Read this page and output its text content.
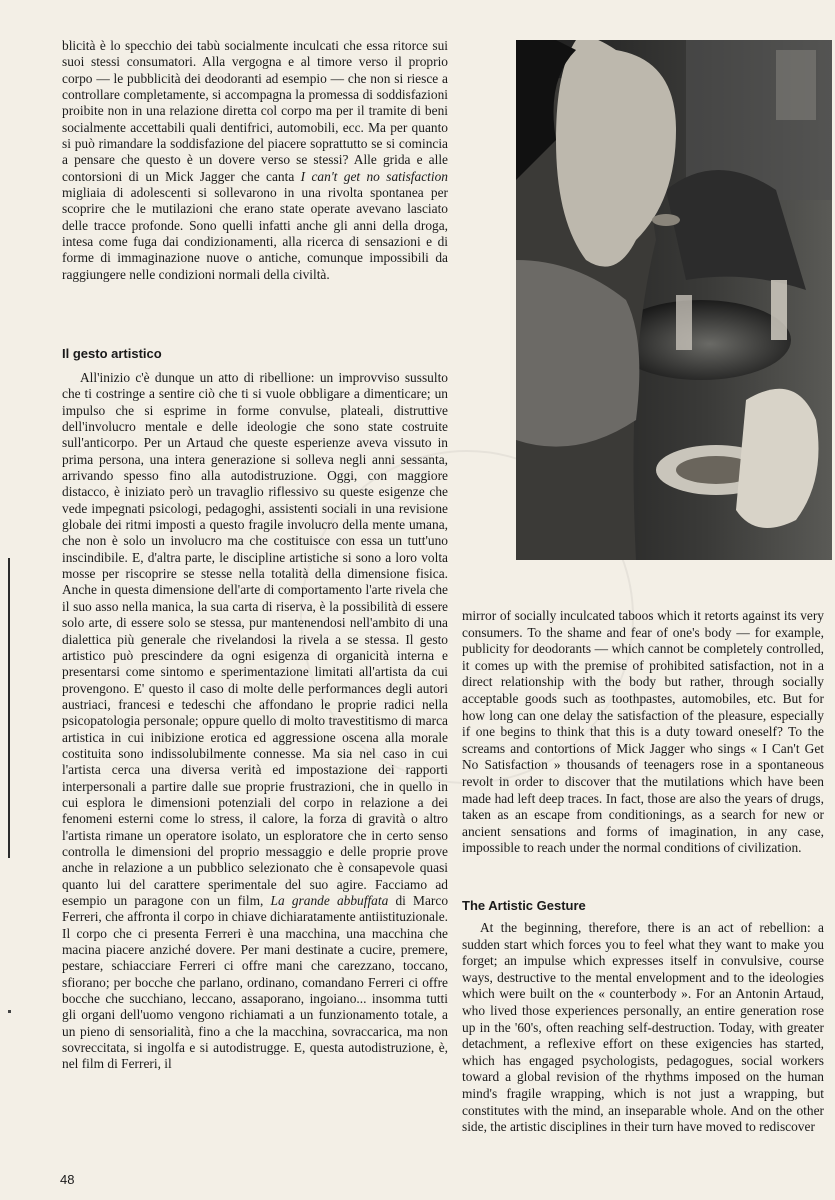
blicità è lo specchio dei tabù socialmente inculcati che essa ritorce sui suoi stessi consumatori. Alla vergogna e al timore verso il proprio corpo — le pubblicità dei deodoranti ad esempio — che non si riesce a controllare completamente, si accompagna la promessa di soddisfazioni proibite non in una relazione diretta col corpo ma per il tramite di beni socialmente accettabili quali dentifrici, automobili, ecc. Ma per quanto si può rimandare la soddisfazione del piacere soprattutto se si comincia a pensare che questo è un dovere verso se stessi? Alle grida e alle contorsioni di un Mick Jagger che canta I can't get no satisfaction migliaia di adolescenti si sollevarono in una rivolta spontanea per scoprire che le mutilazioni che erano state operate avevano lasciato delle tracce profonde. Sono quelli infatti anche gli anni della droga, intesa come fuga dai condizionamenti, alla ricerca di sensazioni e di forme di immaginazione nuove o antiche, comunque impossibili da raggiungere nelle condizioni normali della civiltà.

Il gesto artistico

All'inizio c'è dunque un atto di ribellione: un improvviso sussulto che ti costringe a sentire ciò che ti si vuole obbligare a dimenticare; un impulso che si esprime in forme convulse, plateali, distruttive dell'involucro mentale e delle ideologie che sono state costruite sull'anticorpo. Per un Artaud che queste esperienze aveva vissuto in prima persona, una intera generazione si solleva negli anni sessanta, arrivando spesso fino alla autodistruzione. Oggi, con maggiore distacco, è iniziato però un travaglio riflessivo su queste esigenze che vede impegnati psicologi, pedagoghi, assistenti sociali in una revisione globale dei ritmi imposti a questo fragile involucro della mente umana, che non è solo un involucro ma che costituisce con essa un tutt'uno inscindibile. E, d'altra parte, le discipline artistiche si sono a loro volta mosse per riscoprire se stesse nella totalità della dimensione fisica. Anche in questa dimensione dell'arte di comportamento l'arte rivela che il suo asso nella manica, la sua carta di riserva, è la possibilità di essere solo arte, di essere solo se stessa, pur mantenendosi nell'ambito di una dialettica più generale che rivelandosi la rivela a se stessa. Il gesto artistico può prescindere da ogni esigenza di organicità interna e presentarsi come sintomo e sperimentazione limitati all'artista da cui provengono. E' questo il caso di molte delle performances degli autori austriaci, francesi e tedeschi che affondano le proprie radici nella psicopatologia personale; oppure quello di molto travestitismo di marca artistica in cui inibizione erotica ed aggressione oscena alla morale costituita sono indissolubilmente connesse. Ma sia nel caso in cui l'artista cerca una diversa verità ed impostazione dei rapporti interpersonali a partire dalle sue proprie frustrazioni, che in quello in cui esplora le dimensioni potenziali del corpo in relazione a dei fenomeni esterni come lo stress, il calore, la forza di gravità o altro l'artista rimane un operatore isolato, un esploratore che in certo senso controlla le dimensioni del proprio messaggio e delle proprie prove anche in relazione a un pubblico selezionato che è consapevole quasi quanto lui del carattere sperimentale del suo agire. Facciamo ad esempio un paragone con un film, La grande abbuffata di Marco Ferreri, che affronta il corpo in chiave dichiaratamente antiistituzionale. Il corpo che ci presenta Ferreri è una macchina, una macchina che macina piacere anziché dovere. Per mani destinate a cucire, premere, pestare, schiacciare Ferreri ci offre mani che carezzano, toccano, sfiorano; per bocche che parlano, ordinano, comandano Ferreri ci offre bocche che succhiano, leccano, assaporano, ingoiano... insomma tutti gli organi dell'uomo vengono richiamati a un funzionamento totale, a un pieno di sensorialità, fino a che la macchina, sovraccarica, ma non sovreccitata, si ingolfa e si autodistrugge. E, questa autodistruzione, è, nel film di Ferreri, il

mirror of socially inculcated taboos which it retorts against its very consumers. To the shame and fear of one's body — for example, publicity for deodorants — which cannot be completely controlled, it comes up with the premise of prohibited satisfaction, not in a direct relationship with the body but rather, through socially acceptable goods such as toothpastes, automobiles, etc. But for how long can one delay the satisfaction of the pleasure, especially if one begins to think that this is a duty toward oneself? To the screams and contortions of Mick Jagger who sings « I Can't Get No Satisfaction » thousands of teenagers rose in a spontaneous revolt in order to discover that the mutilations which have been made had left deep traces. In fact, those are also the years of drugs, taken as an escape from conditionings, as a search for new or ancient sensations and forms of imagination, in any case, impossible to reach under the normal conditions of civilization.

The Artistic Gesture

At the beginning, therefore, there is an act of rebellion: a sudden start which forces you to feel what they want to make you forget; an impulse which expresses itself in convulsive, course ways, destructive to the mental envelopment and to the ideologies which were built on the « counterbody ». For an Antonin Artaud, who lived those experiences personally, an entire generation rose up in the '60's, often reaching self-destruction. Today, with greater detachment, a reflexive effort on these exigencies has started, which has engaged psychologists, pedagogues, social workers toward a global revision of the rhythms imposed on the human mind's fragile wrapping, which is not just a wrapping, but constitutes with the mind, an inseparable whole. And on the other side, the artistic disciplines in their turn have moved to rediscover

48
